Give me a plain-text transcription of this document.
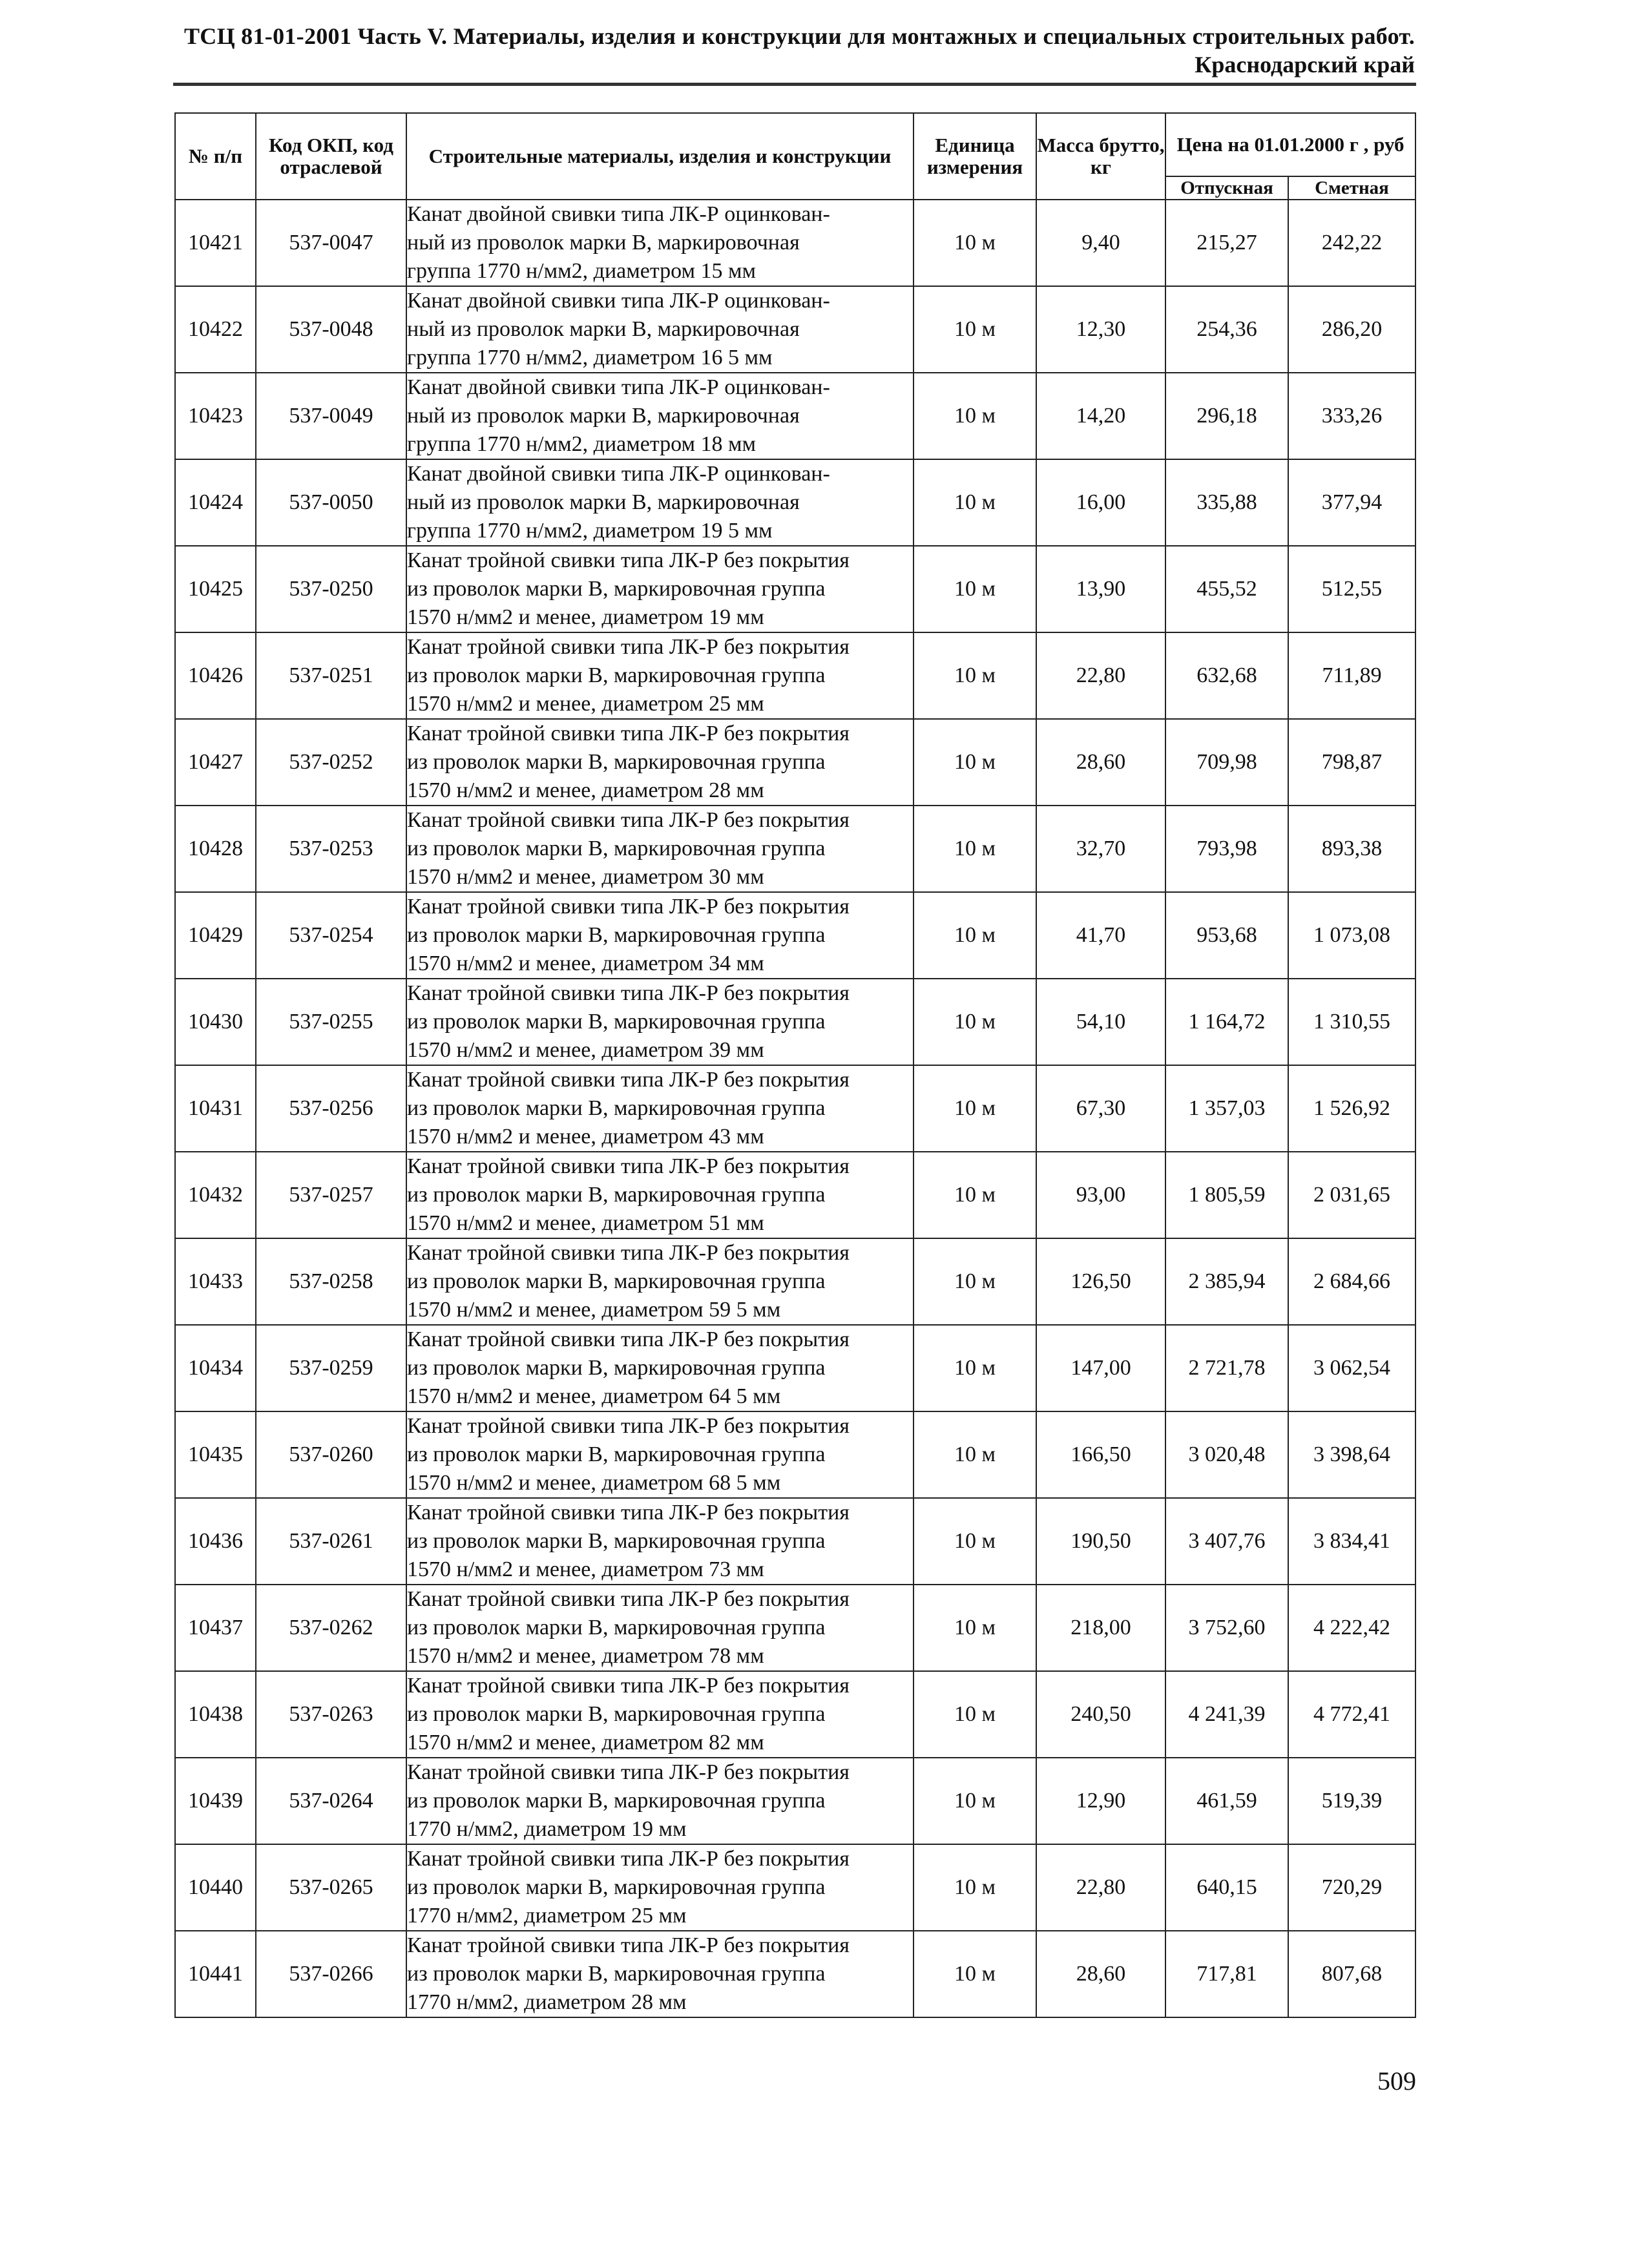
ТСЦ 81-01-2001 Часть V. Материалы, изделия и конструкции для монтажных и специальных строительных работ.
Краснодарский край
№ п/п	Код ОКП, код отраслевой	Строительные материалы, изделия и конструкции	Единица измерения	Масса брутто, кг	Цена на 01.01.2000 г , руб	
					Отпускная	Сметная
10421	537-0047	Канат двойной свивки типа ЛК-Р оцинкован-
ный из проволок марки В, маркировочная
группа 1770 н/мм2, диаметром 15 мм	10 м	9,40	215,27	242,22
10422	537-0048	Канат двойной свивки типа ЛК-Р оцинкован-
ный из проволок марки В, маркировочная
группа 1770 н/мм2, диаметром 16 5 мм	10 м	12,30	254,36	286,20
10423	537-0049	Канат двойной свивки типа ЛК-Р оцинкован-
ный из проволок марки В, маркировочная
группа 1770 н/мм2, диаметром 18 мм	10 м	14,20	296,18	333,26
10424	537-0050	Канат двойной свивки типа ЛК-Р оцинкован-
ный из проволок марки В, маркировочная
группа 1770 н/мм2, диаметром 19 5 мм	10 м	16,00	335,88	377,94
10425	537-0250	Канат тройной свивки типа ЛК-Р без покрытия
из проволок марки В, маркировочная группа
1570 н/мм2 и менее, диаметром 19 мм	10 м	13,90	455,52	512,55
10426	537-0251	Канат тройной свивки типа ЛК-Р без покрытия
из проволок марки В, маркировочная группа
1570 н/мм2 и менее, диаметром 25 мм	10 м	22,80	632,68	711,89
10427	537-0252	Канат тройной свивки типа ЛК-Р без покрытия
из проволок марки В, маркировочная группа
1570 н/мм2 и менее, диаметром 28 мм	10 м	28,60	709,98	798,87
10428	537-0253	Канат тройной свивки типа ЛК-Р без покрытия
из проволок марки В, маркировочная группа
1570 н/мм2 и менее, диаметром 30 мм	10 м	32,70	793,98	893,38
10429	537-0254	Канат тройной свивки типа ЛК-Р без покрытия
из проволок марки В, маркировочная группа
1570 н/мм2 и менее, диаметром 34 мм	10 м	41,70	953,68	1 073,08
10430	537-0255	Канат тройной свивки типа ЛК-Р без покрытия
из проволок марки В, маркировочная группа
1570 н/мм2 и менее, диаметром 39 мм	10 м	54,10	1 164,72	1 310,55
10431	537-0256	Канат тройной свивки типа ЛК-Р без покрытия
из проволок марки В, маркировочная группа
1570 н/мм2 и менее, диаметром 43 мм	10 м	67,30	1 357,03	1 526,92
10432	537-0257	Канат тройной свивки типа ЛК-Р без покрытия
из проволок марки В, маркировочная группа
1570 н/мм2 и менее, диаметром 51 мм	10 м	93,00	1 805,59	2 031,65
10433	537-0258	Канат тройной свивки типа ЛК-Р без покрытия
из проволок марки В, маркировочная группа
1570 н/мм2 и менее, диаметром 59 5 мм	10 м	126,50	2 385,94	2 684,66
10434	537-0259	Канат тройной свивки типа ЛК-Р без покрытия
из проволок марки В, маркировочная группа
1570 н/мм2 и менее, диаметром 64 5 мм	10 м	147,00	2 721,78	3 062,54
10435	537-0260	Канат тройной свивки типа ЛК-Р без покрытия
из проволок марки В, маркировочная группа
1570 н/мм2 и менее, диаметром 68 5 мм	10 м	166,50	3 020,48	3 398,64
10436	537-0261	Канат тройной свивки типа ЛК-Р без покрытия
из проволок марки В, маркировочная группа
1570 н/мм2 и менее, диаметром 73 мм	10 м	190,50	3 407,76	3 834,41
10437	537-0262	Канат тройной свивки типа ЛК-Р без покрытия
из проволок марки В, маркировочная группа
1570 н/мм2 и менее, диаметром 78 мм	10 м	218,00	3 752,60	4 222,42
10438	537-0263	Канат тройной свивки типа ЛК-Р без покрытия
из проволок марки В, маркировочная группа
1570 н/мм2 и менее, диаметром 82 мм	10 м	240,50	4 241,39	4 772,41
10439	537-0264	Канат тройной свивки типа ЛК-Р без покрытия
из проволок марки В, маркировочная группа
1770 н/мм2, диаметром 19 мм	10 м	12,90	461,59	519,39
10440	537-0265	Канат тройной свивки типа ЛК-Р без покрытия
из проволок марки В, маркировочная группа
1770 н/мм2, диаметром 25 мм	10 м	22,80	640,15	720,29
10441	537-0266	Канат тройной свивки типа ЛК-Р без покрытия
из проволок марки В, маркировочная группа
1770 н/мм2, диаметром 28 мм	10 м	28,60	717,81	807,68
509
